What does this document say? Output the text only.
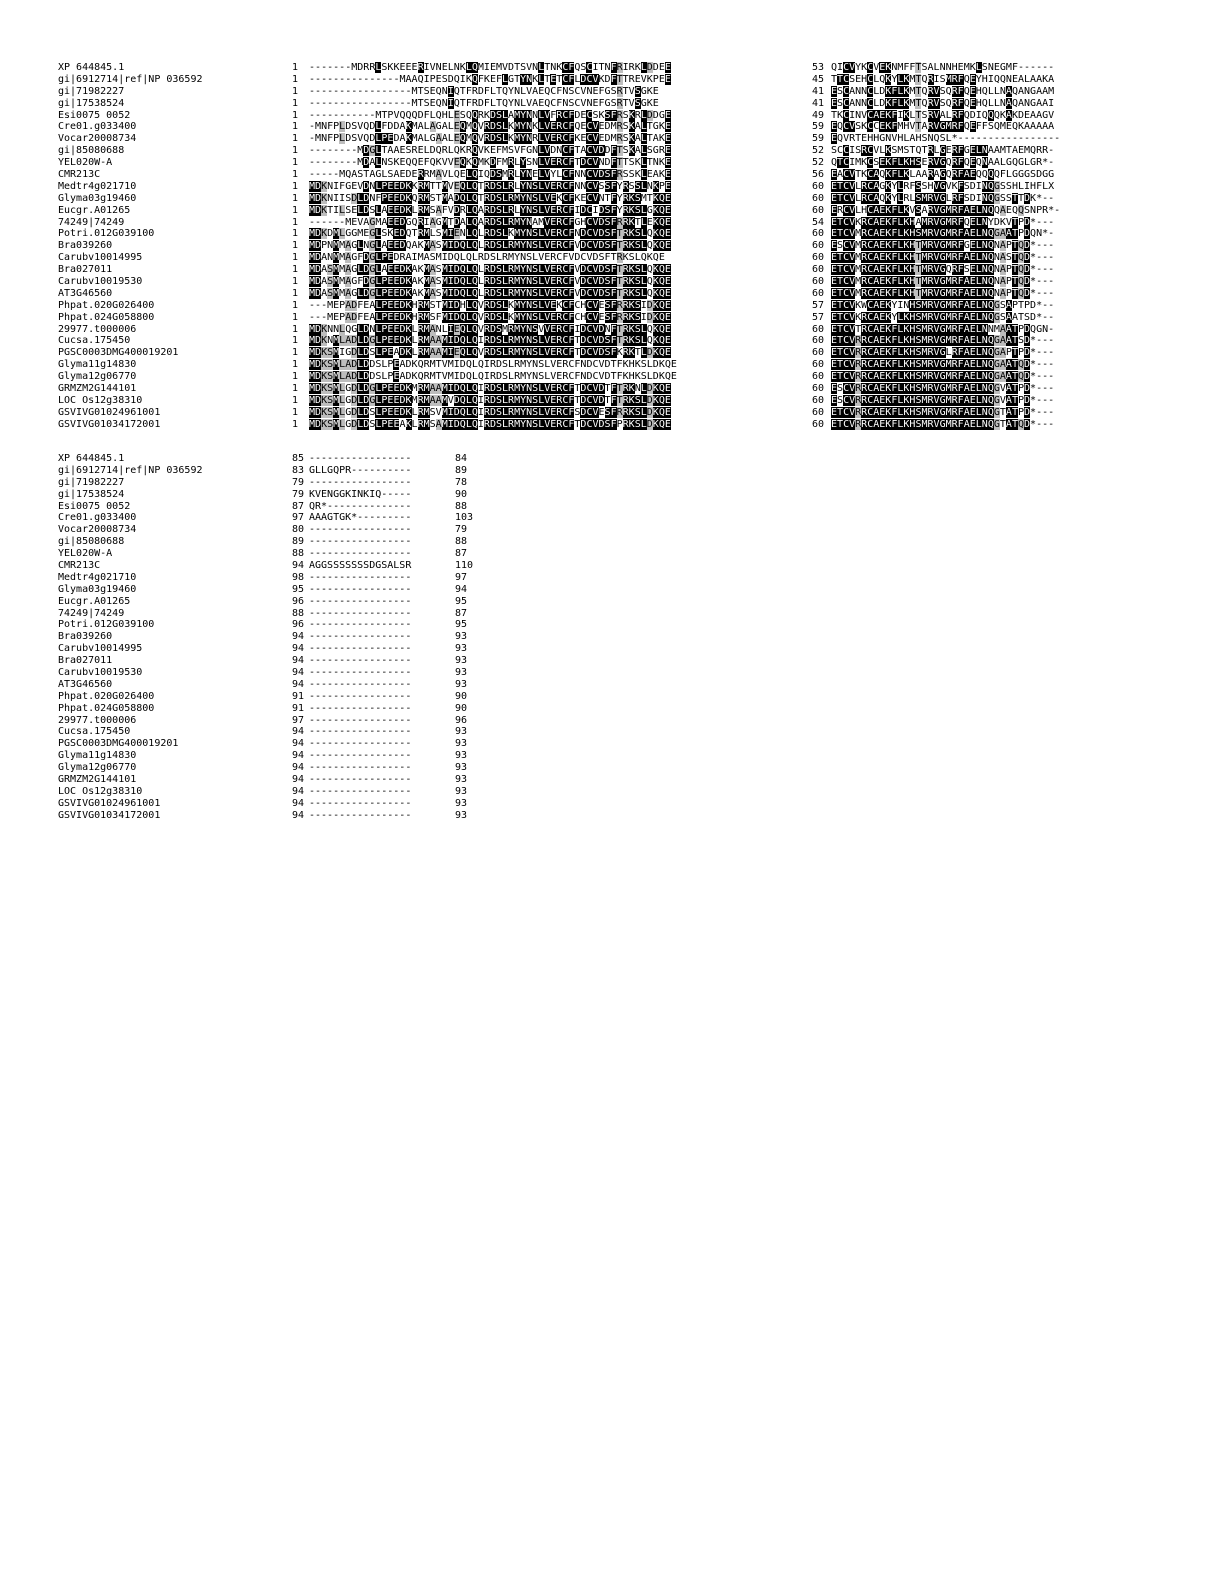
XP 644845.1	1	-------MDRRLSKKEEERIVNELNKLQMIEMVDTSVNLTNKCFQSCITNFRIRKLDDEE	53 QICVYKCVEKNMFFTSALNNHEMKLSNEGMF------
gi|6912714|ref|NP 036592	1	---------------MAAQIPESDQIKQFKEFLGTYNKLTETCFLDCVKDFTTREVKPEE	45 TTCSEHCLQKYLKMTQRISMRFQEYHIQQNEALAAKA
gi|71982227	1	-----------------MTSEQNIQTFRDFLTQYNLVAEQCFNSCVNEFGSRTVSGKE	41 ESCANNCLDKFLKMTQRVSQRFQEHQLLNAQANGAAM
gi|17538524	1	-----------------MTSEQNIQTFRDFLTQYNLVAEQCFNSCVNEFGSRTVSGKE	41 ESCANNCLDKFLKMTQRVSQRFQEHQLLNAQANGAAI
Esi0075 0052	1	-----------MTPVQQQDFLQHLESQQRKDSLAMYNNLVFRCFDECSKSFRSKRLDDGE	49 TKCINVCAEKFIKLTSRVALRFQDIQQQKAKDEAAGV
Cre01.g033400	1	-MNFPLDSVQDLFDDAKMALAGALEQMQVRDSLKMYNKLVERCFQECVEDMRSKALTGKE	59 EQCVSKCCEKFMHVTARVGMRFQEFFSQMEQKAAAAA
Vocar20008734	1	-MNFPLDSVQDLPEDAKMALGAALEQMQVRDSLKMYNRLVERCFKECVEDMRSKALTAKE	59 EQVRTEHHGNVHLAHSNQSL*-----------------
gi|85080688	1	--------MDGLTAAESRELDQRLQKRQVKEFMSVFGNLVDNCFTACVDDFTSKALSGRE	52 SCCISRCVLKSMSTQTRLGERFGELNAAMTAEMQRR-
YEL020W-A	1	--------MDALNSKEQQEFQKVVEQKQMKDFMRLYSNLVERCFTDCVNDFTTSKLTNKE	52 QTCIMKCSEKFLKHSERVGQRFQEQNAALGQGLGR*-
CMR213C	1	-----MQASTAGLSAEDERRMAVLQELQIQDSMRLYNELVYLCFNNCVDSFRSSKLEAKE	56 EACVTKCAQKFLKLAARAGQRFAEQQQQFLGGGSDGG
Medtr4g021710	1	MDKNIFGEVDNLPEEDKKRMTTMVEQLQTRDSLRLYNSLVERCFNNCVSSFYRSSLNKPE	60 ETCVLRCAGKYLRFSSHVGVKFSDINQGSSHLIHFLX
Glyma03g19460	1	MDKNIISDLDNFPEEDKQRMSTMADQLQTRDSLRMYNSLVEKCFKECVNTFYRKSMTKQE	60 ETCVLRCAQKYLRLSMRVGLRFSDINQGSSTTDK*--
Eucgr.A01265	1	MDKTILSELDSLAEEDKLRMSAFVDRLQARDSLRLYNSLVERCFIDCIDSFYRKSLGKQE	60 ERCVLHCAEKFLKVSARVGMRFAELNQQAEQQSNPR*-
74249|74249	1	------MEVAGMAEEDGQRIAGMTDALQARDSLRMYNAMVERCFGHCVDSFRRKTLEKQE	54 ETCVKRCAEKFLKHAMRVGMRFQELNYDKVTPD*---
Potri.012G039100	1	MDKDMLGGMEGLSKEDQTRMLSMIENLQLRDSLKMYNSLVERCFNDCVDSFTRKSLQKQE	60 ETCVMRCAEKFLKHSMRVGMRFAELNQGAATPDQN*-
Bra039260	1	MDPNMMAGLNGLAEEDQAKMASMIDQLQLRDSLRMYNSLVERCFVDCVDSFTRKSLQKQE	60 ESCVMRCAEKFLKHTMRVGMRFGELNQNAPTQD*---
Carubv10014995	1	MDANMMAGFDGLPEDRAIMASMIDQLQLRDSLRMYNSLVERCFVDCVDSFTRKSLQKQE	60 ETCVMRCAEKFLKHTMRVGMRFAELNQNASTQD*---
Bra027011	1	MDASMMAGLDGLAEEDKAKMASMIDQLQLRDSLRMYNSLVERCFVDCVDSFTRKSLQKQE	60 ETCVMRCAEKFLKHTMRVGQRFSELNQNAPTQD*---
Carubv10019530	1	MDASMMAGFDGLPEEDKAKMASMIDQLQLRDSLRMYNSLVERCFVDCVDSFTRKSLQKQE	60 ETCVMRCAEKFLKHTMRVGMRFAELNQNAPTQD*---
AT3G46560	1	MDASMMAGLDGLPEEDKAKMASMIDQLQLRDSLRMYNSLVERCFVDCVDSFTRKSLQKQE	60 ETCVMRCAEKFLKHTMRVGMRFAELNQNAPTQD*---
Phpat.020G026400	1	---MEPADFEALPEEDKHRMSTMIDHLQVRDSLKMYNSLVEKCFCHCVESFRRKSIDKQE	57 ETCVKWCAEKYINHSMRVGMRFAELNQGSAPTPD*--
Phpat.024G058800	1	---MEPADFEALPEEDKHRMSFMIDQLQVRDSLKMYNSLVERCFCHCVESFRRKSIDKQE	57 ETCVKRCAEKYLKHSMRVGMRFAELNQGSAATSD*--
29977.t000006	1	MDKNNLQGLDNLPEEDKLRMANLIEQLQVRDSMRMYNSVVERCFIDCVDNFTRKSLQKQE	60 ETCVTRCAEKFLKHSMRVGMRFAELNNMAATPDQGN-
Cucsa.175450	1	MDKNMLADLDGLPEEDKLRMAAMIDQLQIRDSLRMYNSLVERCFTDCVDSFTRKSLQKQE	60 ETCVRRCAEKFLKHSMRVGMRFAELNQGAATSD*---
PGSC0003DMG400019201	1	MDKSMIGDLDSLPEADKLRMAAMIEQLQVRDSLRMYNSLVERCFTDCVDSFKRKTLDKQE	60 ETCVRRCAEKFLKHSMRVGLRFAELNQGAPTPD*---
Glyma11g14830	1	MDKSMLADLDDSLPEADKQRMTVMIDQLQIRDSLRMYNSLVERCFNDCVDTFKHKSLDKQE	60 ETCVRRCAEKFLKHSMRVGMRFAELNQGAATQD*---
Glyma12g06770	1	MDKSMLADLDDSLPEADKQRMTVMIDQLQIRDSLRMYNSLVERCFNDCVDTFKHKSLDKQE	60 ETCVRRCAEKFLKHSMRVGMRFAELNQGAATQD*---
GRMZM2G144101	1	MDKSMLGDLDGLPEEDKMRMAAMIDQLQIRDSLRMYNSLVERCFTDCVDTFTRKNLDKQE	60 ESCVRRCAEKFLKHSMRVGMRFAELNQGVATPD*---
LOC Os12g38310	1	MDKSMLGDLDGLPEEDKMRMAAMVDQLQIRDSLRMYNSLVERCFTDCVDTFTRKSLDKQE	60 ESCVRRCAEKFLKHSMRVGMRFAELNQGVATPD*---
GSVIVG01024961001	1	MDKSMLGDLDSLPEEDKLRMSVMIDQLQIRDSLRMYNSLVERCFSDCVESFRRKSLDKQE	60 ETCVRRCAEKFLKHSMRVGMRFAELNQGTATPD*---
GSVIVG01034172001	1	MDKSMLGDLDSLPEEAKLRMSAMIDQLQIRDSLRMYNSLVERCFTDCVDSFPRKSLDKQE	60 ETCVRRCAEKFLKHSMRVGMRFAELNQGTATQD*---
XP 644845.1	85 -----------------	84
gi|6912714|ref|NP 036592	83 GLLGQPR----------	89
gi|71982227	79 -----------------	78
gi|17538524	79 KVENGGKINKIQ-----	90
Esi0075 0052	87 QR*--------------	88
Cre01.g033400	97 AAAGTGK*---------	103
Vocar20008734	80 -----------------	79
gi|85080688	89 -----------------	88
YEL020W-A	88 -----------------	87
CMR213C	94 AGGSSSSSSSDGSALSR	110
Medtr4g021710	98 -----------------	97
Glyma03g19460	95 -----------------	94
Eucgr.A01265	96 -----------------	95
74249|74249	88 -----------------	87
Potri.012G039100	96 -----------------	95
Bra039260	94 -----------------	93
Carubv10014995	94 -----------------	93
Bra027011	94 -----------------	93
Carubv10019530	94 -----------------	93
AT3G46560	94 -----------------	93
Phpat.020G026400	91 -----------------	90
Phpat.024G058800	91 -----------------	90
29977.t000006	97 -----------------	96
Cucsa.175450	94 -----------------	93
PGSC0003DMG400019201	94 -----------------	93
Glyma11g14830	94 -----------------	93
Glyma12g06770	94 -----------------	93
GRMZM2G144101	94 -----------------	93
LOC Os12g38310	94 -----------------	93
GSVIVG01024961001	94 -----------------	93
GSVIVG01034172001	94 -----------------	93
